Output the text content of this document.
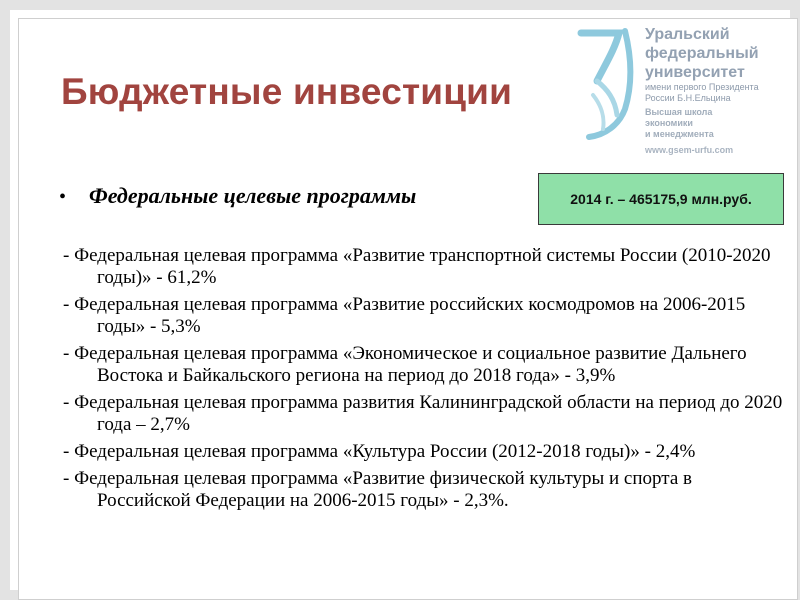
Бюджетные инвестиции
Уральский
федеральный
университет
имени первого Президента
России Б.Н.Ельцина
Высшая школа
экономики
и менеджмента
www.gsem-urfu.com
• Федеральные целевые программы	2014 г. – 465175,9 млн.руб.
- Федеральная целевая программа «Развитие транспортной системы России (2010-2020 годы)» - 61,2%
- Федеральная целевая программа «Развитие российских космодромов на 2006-2015 годы» - 5,3%
- Федеральная целевая программа «Экономическое и социальное развитие Дальнего Востока и Байкальского региона на период до 2018 года» - 3,9%
- Федеральная целевая программа развития Калининградской области на период до 2020 года – 2,7%
- Федеральная целевая программа «Культура России (2012-2018 годы)» - 2,4%
- Федеральная целевая программа «Развитие физической культуры и спорта в Российской Федерации на 2006-2015 годы» - 2,3%.
